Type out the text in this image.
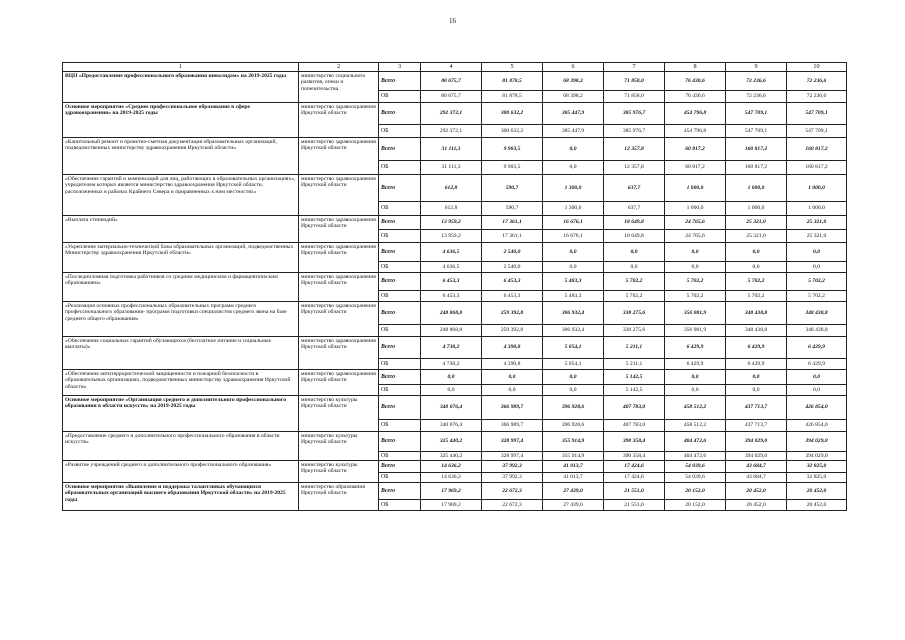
16
1	2	3	4	5	6	7	8	9	10
ВЦП «Предоставление профессионального образования инвалидам» на 2019-2025 годы	министерство социального развития, опеки и попечительства	Всего	80 675,7	81 878,5	68 398,2	71 858,0	76 430,6	72 236,6	72 236,6
		ОБ	80 675,7	81 878,5	68 398,2	71 858,0	76 430,6	72 236,6	72 236,6
Основное мероприятие «Среднее профессиональное образование в сфере здравоохранения» на 2019-2025 годы	министерство здравоохранения Иркутской области	Всего	292 372,1	300 632,2	385 447,9	385 976,7	454 796,8	547 709,1	547 709,1
		ОБ	292 372,1	300 632,2	385 447,9	385 976,7	454 796,8	547 709,1	547 709,1
«Капитальный ремонт и проектно-сметная документация образовательных организаций, подведомственных министерству здравоохранения Иркутской области»	министерство здравоохранения Иркутской области	Всего	31 111,3	9 903,5	0,0	12 357,8	60 817,2	160 817,2	160 817,2
		ОБ	31 111,3	9 903,5	0,0	12 357,8	60 817,2	160 817,2	160 817,2
«Обеспечение гарантий и компенсаций для лиц, работающих в образовательных организациях», учредителем которых является министерство здравоохранения Иркутской области, расположенных в районах Крайнего Севера и приравненных к ним местностях»	министерство здравоохранения Иркутской области	Всего	612,8	590,7	1 300,0	637,7	1 000,0	1 000,0	1 000,0
		ОБ	612,8	590,7	1 300,0	637,7	1 000,0	1 000,0	1 000,0
«Выплата стипендий»	министерство здравоохранения Иркутской области	Всего	13 959,2	17 361,1	16 676,1	18 649,8	24 765,6	25 321,0	25 321,0
		ОБ	13 959,2	17 361,1	16 676,1	18 649,8	24 765,6	25 321,0	25 321,0
«Укрепление материально-технической базы образовательных организаций, подведомственных Министерству здравоохранения Иркутской области»	министерство здравоохранения Иркутской области	Всего	4 636,5	2 540,0	0,0	0,0	0,0	0,0	0,0
		ОБ	4 636,5	2 540,0	0,0	0,0	0,0	0,0	0,0
«Последипломная подготовка работников со средним медицинским и фармацевтическим образованием»	министерство здравоохранения Иркутской области	Всего	6 453,3	6 453,3	5 483,3	5 702,2	5 702,2	5 702,2	5 702,2
		ОБ	6 453,3	6 453,3	5 483,3	5 702,2	5 702,2	5 702,2	5 702,2
«Реализация основных профессиональных образовательных программ среднего профессионального образования- программ подготовки специалистов среднего звена на базе среднего общего образования»	министерство здравоохранения Иркутской области	Всего	248 868,8	259 392,8	306 932,4	338 275,6	356 081,9	348 438,8	348 438,8
		ОБ	248 868,8	259 392,8	306 932,4	338 275,6	356 081,9	348 438,8	348 438,8
«Обеспечение социальных гарантий обучающихся (бесплатное питание и социальные выплаты)»	министерство здравоохранения Иркутской области	Всего	4 730,2	4 390,8	5 054,1	5 211,1	6 429,9	6 429,9	6 429,9
		ОБ	4 730,2	4 390,8	5 054,1	5 211,1	6 429,9	6 429,9	6 429,9
«Обеспечение антитеррористической защищенности и пожарной безопасности в образовательных организациях, подведомственных министерству здравоохранения Иркутской области»	министерство здравоохранения Иркутской области	Всего	0,0	0,0	0,0	5 142,5	0,0	0,0	0,0
		ОБ	0,0	0,0	0,0	5 142,5	0,0	0,0	0,0
Основное мероприятие «Организация среднего и дополнительного профессионального образования в области искусств» на 2019-2025 годы	министерство культуры Иркутской области	Всего	340 076,4	366 989,7	396 928,6	407 783,0	458 512,2	437 713,7	426 854,0
		ОБ	340 076,4	366 989,7	396 928,6	407 783,0	458 512,2	437 713,7	426 854,0
«Предоставление среднего и дополнительного профессионального образования в области искусств»	министерство культуры Иркутской области	Всего	325 440,2	328 997,4	355 914,9	390 358,4	404 472,6	394 029,0	394 029,0
		ОБ	325 440,2	328 997,4	355 914,9	390 358,4	404 472,6	394 029,0	394 029,0
«Развитие учреждений среднего и дополнительного профессионального образования»	министерство культуры Иркутской области	Всего	14 636,2	37 992,3	41 013,7	17 424,6	54 039,6	43 684,7	32 825,0
		ОБ	14 636,2	37 992,3	41 013,7	17 424,6	54 039,6	43 684,7	32 825,0
Основное мероприятие «Выявление и поддержка талантливых обучающихся образовательных организаций высшего образования Иркутской области» на 2019-2025 годы	министерство образования Иркутской области	Всего	17 969,2	22 672,3	27 439,0	21 551,0	20 152,0	20 452,0	20 452,0
		ОБ	17 969,2	22 672,3	27 439,0	21 551,0	20 152,0	20 452,0	20 452,0
